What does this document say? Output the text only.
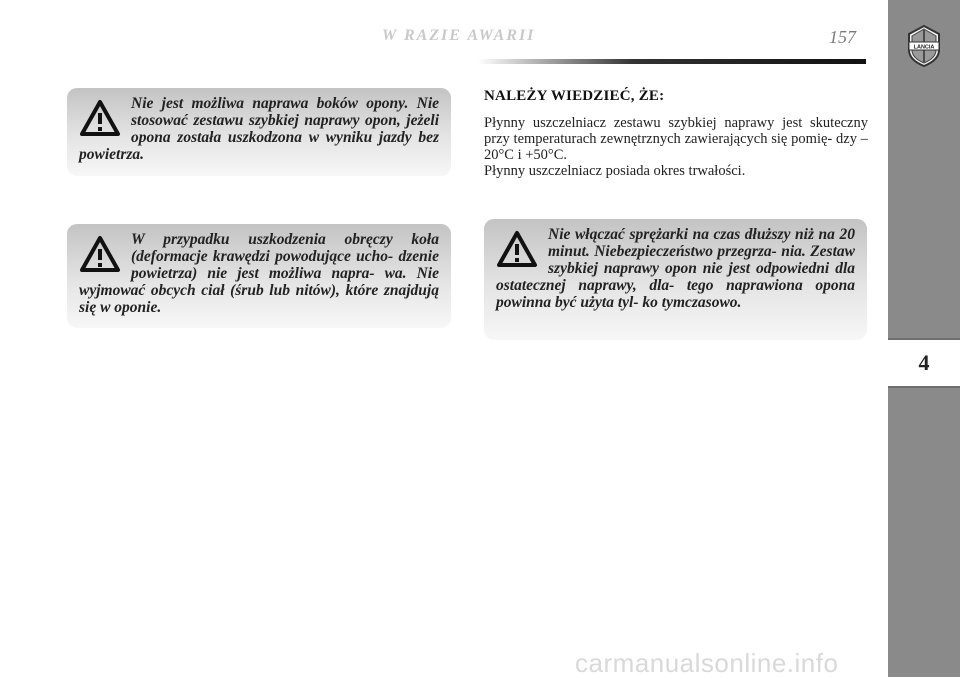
W RAZIE AWARII	157
LANCIA
4

Nie jest możliwa naprawa boków opony. Nie stosować zestawu szybkiej naprawy opon, jeżeli opona została uszkodzona w wyniku jazdy bez powietrza.

W przypadku uszkodzenia obręczy koła (deformacje krawędzi powodujące ucho- dzenie powietrza) nie jest możliwa napra- wa. Nie wyjmować obcych ciał (śrub lub nitów), które znajdują się w oponie.

NALEŻY WIEDZIEĆ, ŻE:

Płynny uszczelniacz zestawu szybkiej naprawy jest skuteczny przy temperaturach zewnętrznych zawierających się pomię- dzy –20°C i +50°C.

Płynny uszczelniacz posiada okres trwałości.

Nie włączać sprężarki na czas dłuższy niż na 20 minut. Niebezpieczeństwo przegrza- nia. Zestaw szybkiej naprawy opon nie jest odpowiedni dla ostatecznej naprawy, dla- tego naprawiona opona powinna być użyta tyl- ko tymczasowo.

carmanualsonline.info
